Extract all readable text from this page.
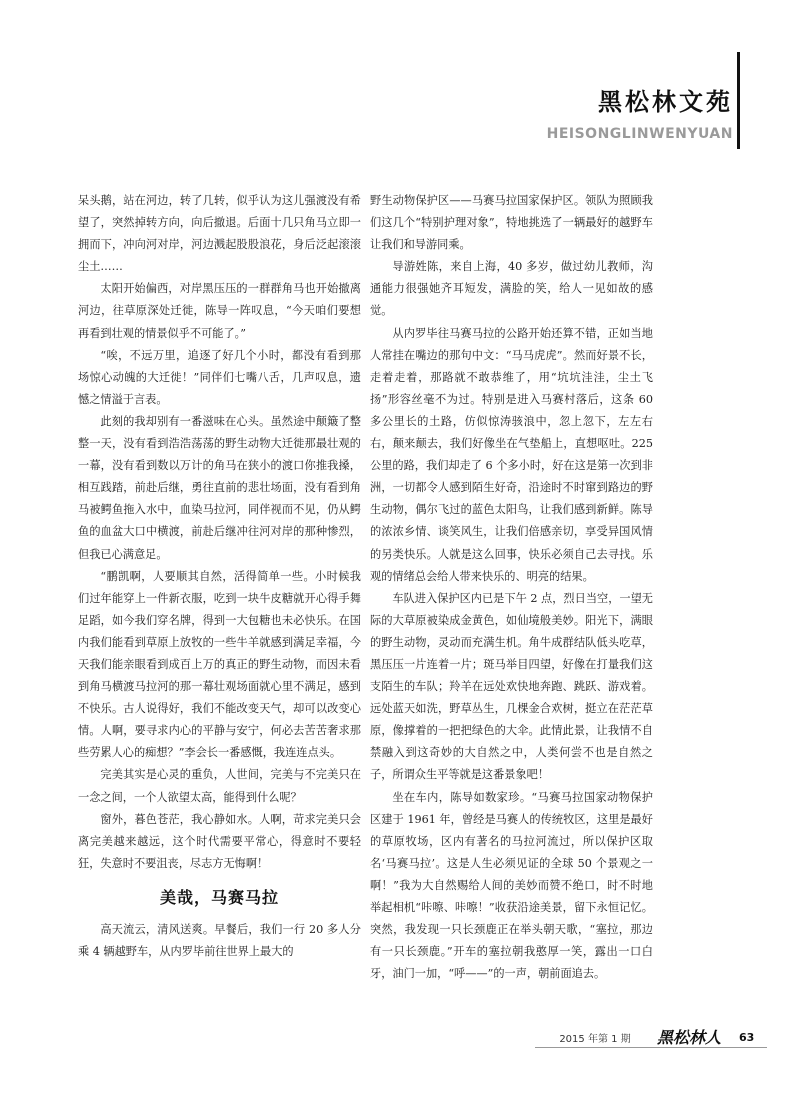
黑松林文苑
HEISONGLINWENYUAN

呆头鹅，站在河边，转了几转，似乎认为这儿强渡没有希望了，突然掉转方向，向后撤退。后面十几只角马立即一拥而下，冲向河对岸，河边溅起股股浪花，身后泛起滚滚尘土……

太阳开始偏西，对岸黑压压的一群群角马也开始撤离河边，往草原深处迁徙，陈导一阵叹息，“今天咱们要想再看到壮观的情景似乎不可能了。”

“唉，不远万里，追逐了好几个小时，都没有看到那场惊心动魄的大迁徙！”同伴们七嘴八舌，几声叹息，遗憾之情溢于言表。

此刻的我却别有一番滋味在心头。虽然途中颠簸了整整一天，没有看到浩浩荡荡的野生动物大迁徙那最壮观的一幕，没有看到数以万计的角马在狭小的渡口你推我搡，相互践踏，前赴后继，勇往直前的悲壮场面，没有看到角马被鳄鱼拖入水中，血染马拉河，同伴视而不见，仍从鳄鱼的血盆大口中横渡，前赴后继冲往河对岸的那种惨烈，但我已心满意足。

“鹏凯啊，人要顺其自然，活得简单一些。小时候我们过年能穿上一件新衣服，吃到一块牛皮糖就开心得手舞足蹈，如今我们穿名牌，得到一大包糖也未必快乐。在国内我们能看到草原上放牧的一些牛羊就感到满足幸福，今天我们能亲眼看到成百上万的真正的野生动物，而因未看到角马横渡马拉河的那一幕壮观场面就心里不满足，感到不快乐。古人说得好，我们不能改变天气，却可以改变心情。人啊，要寻求内心的平静与安宁，何必去苦苦奢求那些劳累人心的痴想？”李会长一番感慨，我连连点头。

完美其实是心灵的重负，人世间，完美与不完美只在一念之间，一个人欲望太高，能得到什么呢？

窗外，暮色苍茫，我心静如水。人啊，苛求完美只会离完美越来越远，这个时代需要平常心，得意时不要轻狂，失意时不要沮丧，尽志方无悔啊！

美哉，马赛马拉

高天流云，清风送爽。早餐后，我们一行 20 多人分乘 4 辆越野车，从内罗毕前往世界上最大的

野生动物保护区——马赛马拉国家保护区。领队为照顾我们这几个“特别护理对象”，特地挑选了一辆最好的越野车让我们和导游同乘。

导游姓陈，来自上海，40 多岁，做过幼儿教师，沟通能力很强她齐耳短发，满脸的笑，给人一见如故的感觉。

从内罗毕往马赛马拉的公路开始还算不错，正如当地人常挂在嘴边的那句中文：“马马虎虎”。然而好景不长，走着走着，那路就不敢恭维了，用“坑坑洼洼，尘土飞扬”形容丝毫不为过。特别是进入马赛村落后，这条 60 多公里长的土路，仿似惊涛骇浪中，忽上忽下，左左右右，颠来颠去，我们好像坐在气垫船上，直想呕吐。225 公里的路，我们却走了 6 个多小时，好在这是第一次到非洲，一切都令人感到陌生好奇，沿途时不时窜到路边的野生动物，偶尔飞过的蓝色太阳鸟，让我们感到新鲜。陈导的浓浓乡情、谈笑风生，让我们倍感亲切，享受异国风情的另类快乐。人就是这么回事，快乐必须自己去寻找。乐观的情绪总会给人带来快乐的、明亮的结果。

车队进入保护区内已是下午 2 点，烈日当空，一望无际的大草原被染成金黄色，如仙境般美妙。阳光下，满眼的野生动物，灵动而充满生机。角牛成群结队低头吃草，黑压压一片连着一片；斑马举目四望，好像在打量我们这支陌生的车队；羚羊在远处欢快地奔跑、跳跃、游戏着。远处蓝天如洗，野草丛生，几棵金合欢树，挺立在茫茫草原，像撑着的一把把绿色的大伞。此情此景，让我情不自禁融入到这奇妙的大自然之中，人类何尝不也是自然之子，所谓众生平等就是这番景象吧！

坐在车内，陈导如数家珍。“马赛马拉国家动物保护区建于 1961 年，曾经是马赛人的传统牧区，这里是最好的草原牧场，区内有著名的马拉河流过，所以保护区取名‘马赛马拉’。这是人生必须见证的全球 50 个景观之一啊！”我为大自然赐给人间的美妙而赞不绝口，时不时地举起相机“咔嚓、咔嚓！”收获沿途美景，留下永恒记忆。突然，我发现一只长颈鹿正在举头朝天歌，“塞拉，那边有一只长颈鹿。”开车的塞拉朝我憨厚一笑，露出一口白牙，油门一加，“呼——”的一声，朝前面追去。

2015 年第 1 期	黑松林人 63
